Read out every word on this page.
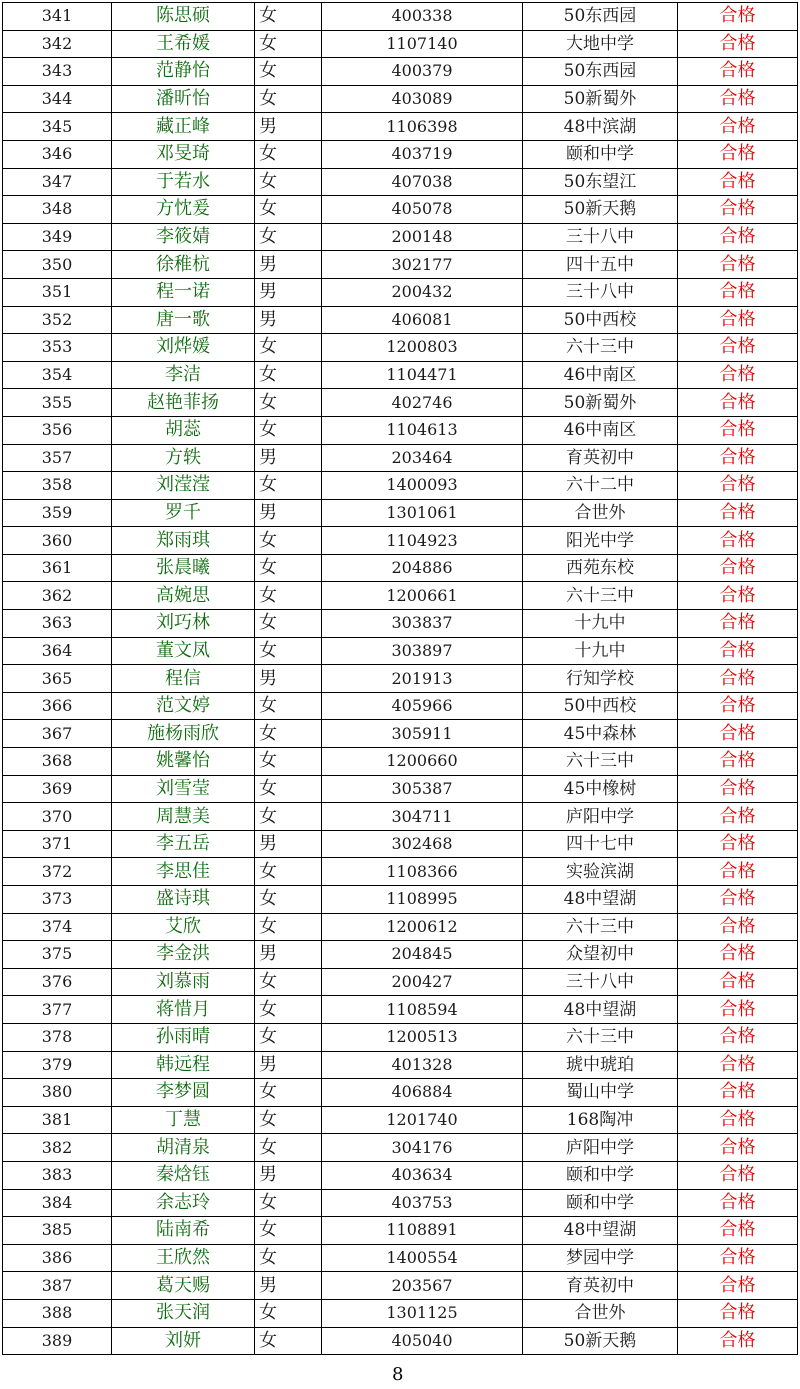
341	陈思硕	女	400338	50东西园	合格
342	王希媛	女	1107140	大地中学	合格
343	范静怡	女	400379	50东西园	合格
344	潘昕怡	女	403089	50新蜀外	合格
345	藏正峰	男	1106398	48中滨湖	合格
346	邓旻琦	女	403719	颐和中学	合格
347	于若水	女	407038	50东望江	合格
348	方忱爰	女	405078	50新天鹅	合格
349	李筱婧	女	200148	三十八中	合格
350	徐稚杭	男	302177	四十五中	合格
351	程一诺	男	200432	三十八中	合格
352	唐一歌	男	406081	50中西校	合格
353	刘烨媛	女	1200803	六十三中	合格
354	李洁	女	1104471	46中南区	合格
355	赵艳菲扬	女	402746	50新蜀外	合格
356	胡蕊	女	1104613	46中南区	合格
357	方轶	男	203464	育英初中	合格
358	刘滢滢	女	1400093	六十二中	合格
359	罗千	男	1301061	合世外	合格
360	郑雨琪	女	1104923	阳光中学	合格
361	张晨曦	女	204886	西苑东校	合格
362	高婉思	女	1200661	六十三中	合格
363	刘巧林	女	303837	十九中	合格
364	董文凤	女	303897	十九中	合格
365	程信	男	201913	行知学校	合格
366	范文婷	女	405966	50中西校	合格
367	施杨雨欣	女	305911	45中森林	合格
368	姚馨怡	女	1200660	六十三中	合格
369	刘雪莹	女	305387	45中橡树	合格
370	周慧美	女	304711	庐阳中学	合格
371	李五岳	男	302468	四十七中	合格
372	李思佳	女	1108366	实验滨湖	合格
373	盛诗琪	女	1108995	48中望湖	合格
374	艾欣	女	1200612	六十三中	合格
375	李金洪	男	204845	众望初中	合格
376	刘慕雨	女	200427	三十八中	合格
377	蒋惜月	女	1108594	48中望湖	合格
378	孙雨晴	女	1200513	六十三中	合格
379	韩远程	男	401328	琥中琥珀	合格
380	李梦圆	女	406884	蜀山中学	合格
381	丁慧	女	1201740	168陶冲	合格
382	胡清泉	女	304176	庐阳中学	合格
383	秦焓钰	男	403634	颐和中学	合格
384	余志玲	女	403753	颐和中学	合格
385	陆南希	女	1108891	48中望湖	合格
386	王欣然	女	1400554	梦园中学	合格
387	葛天赐	男	203567	育英初中	合格
388	张天润	女	1301125	合世外	合格
389	刘妍	女	405040	50新天鹅	合格
8
